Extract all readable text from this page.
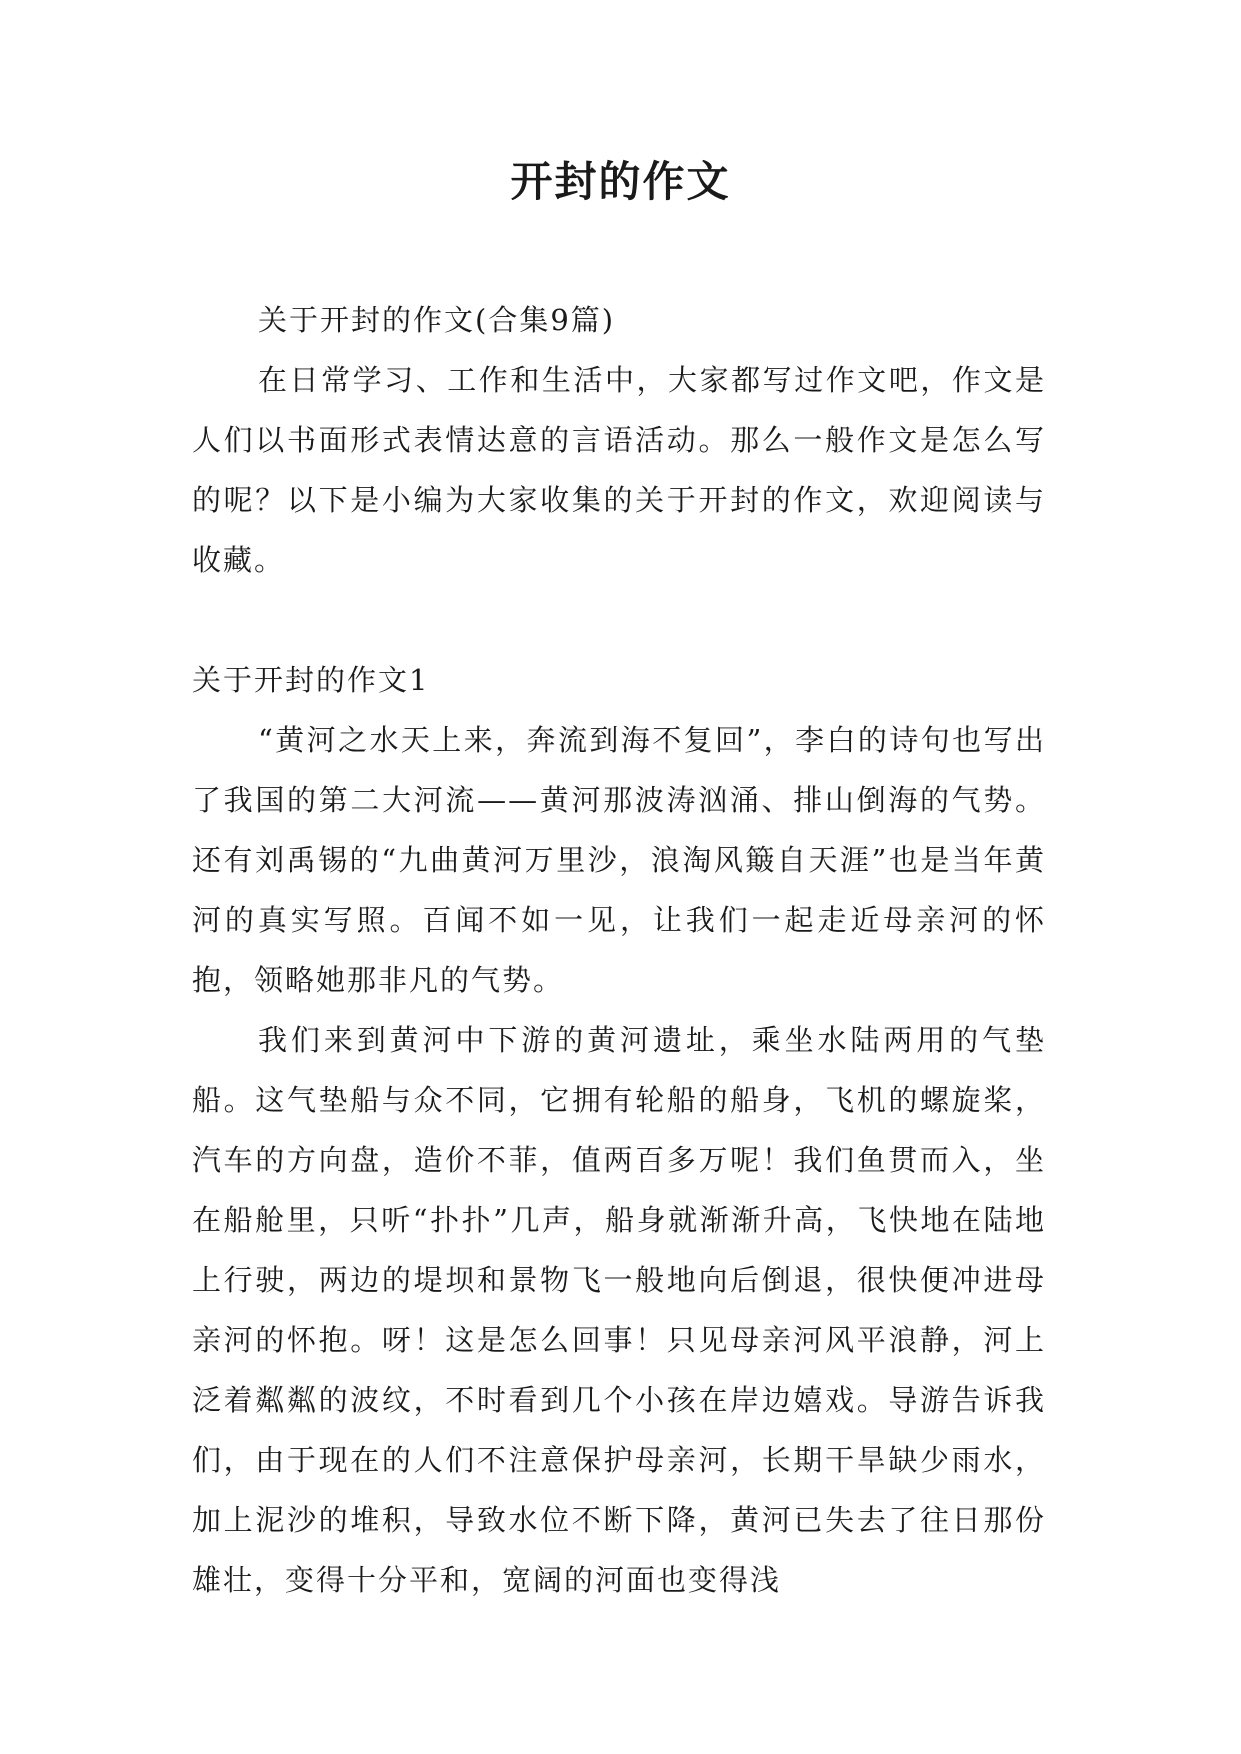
开封的作文

关于开封的作文(合集9篇)

在日常学习、工作和生活中，大家都写过作文吧，作文是人们以书面形式表情达意的言语活动。那么一般作文是怎么写的呢？以下是小编为大家收集的关于开封的作文，欢迎阅读与收藏。

关于开封的作文1

“黄河之水天上来，奔流到海不复回”，李白的诗句也写出了我国的第二大河流——黄河那波涛汹涌、排山倒海的气势。还有刘禹锡的“九曲黄河万里沙，浪淘风簸自天涯”也是当年黄河的真实写照。百闻不如一见，让我们一起走近母亲河的怀抱，领略她那非凡的气势。

我们来到黄河中下游的黄河遗址，乘坐水陆两用的气垫船。这气垫船与众不同，它拥有轮船的船身，飞机的螺旋桨，汽车的方向盘，造价不菲，值两百多万呢！我们鱼贯而入，坐在船舱里，只听“扑扑”几声，船身就渐渐升高，飞快地在陆地上行驶，两边的堤坝和景物飞一般地向后倒退，很快便冲进母亲河的怀抱。呀！这是怎么回事！只见母亲河风平浪静，河上泛着粼粼的波纹，不时看到几个小孩在岸边嬉戏。导游告诉我们，由于现在的人们不注意保护母亲河，长期干旱缺少雨水，加上泥沙的堆积，导致水位不断下降，黄河已失去了往日那份雄壮，变得十分平和，宽阔的河面也变得浅
